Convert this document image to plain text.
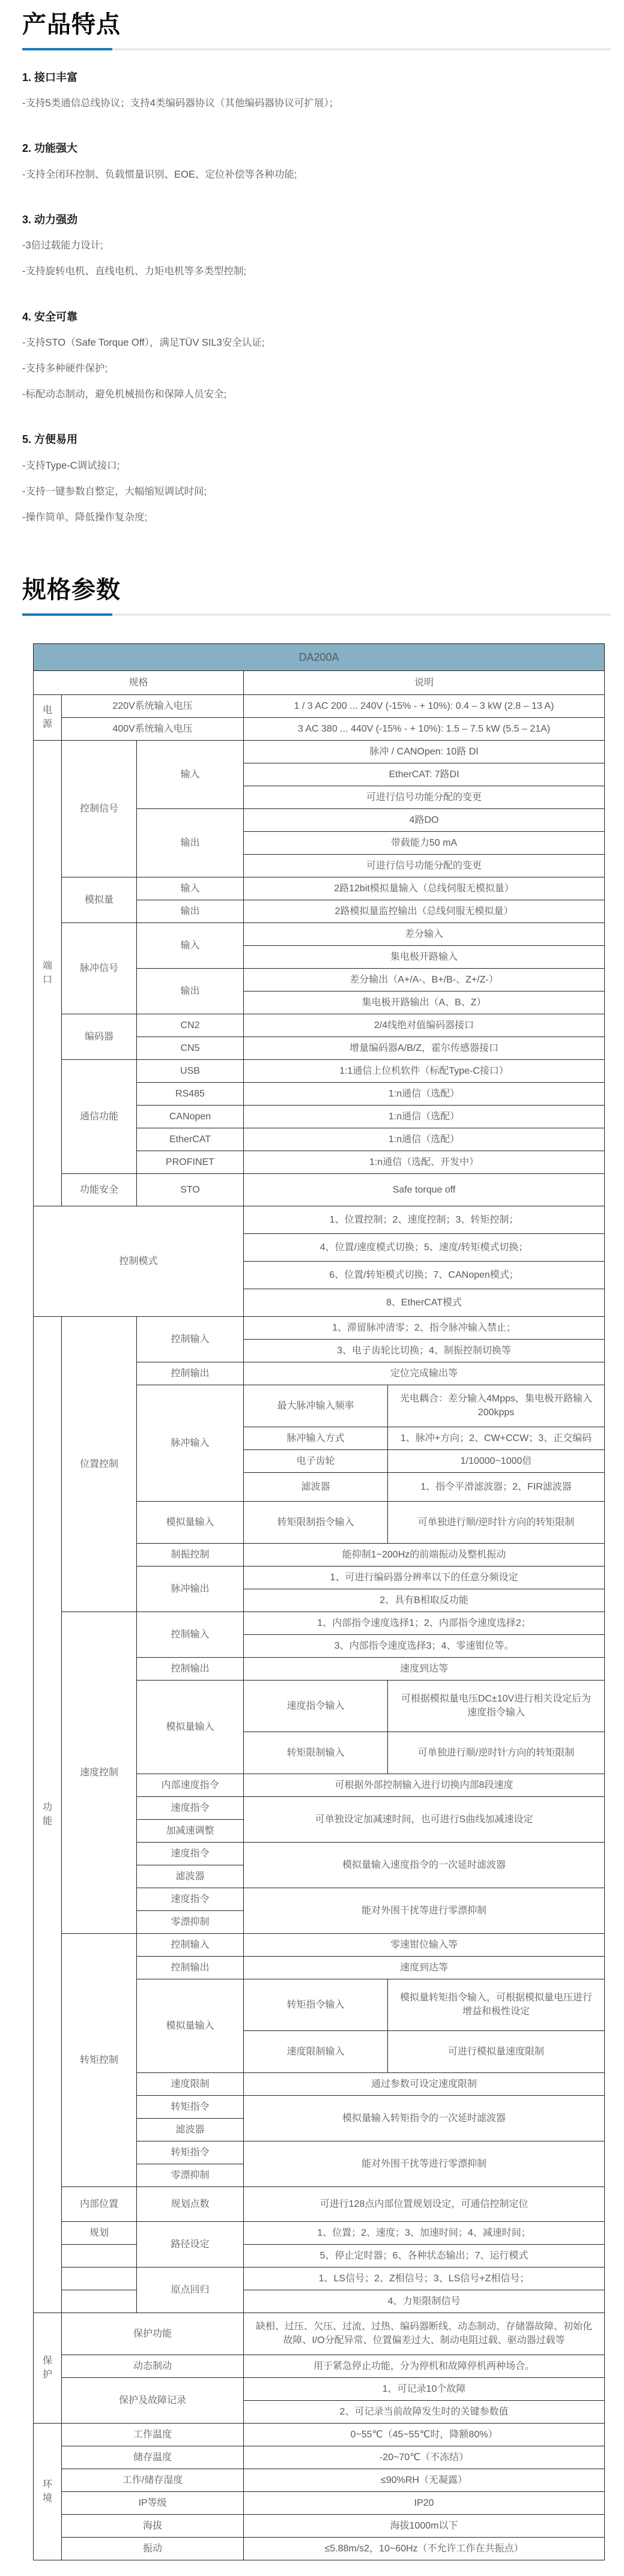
产品特点
1. 接口丰富
-支持5类通信总线协议；支持4类编码器协议（其他编码器协议可扩展）；
2. 功能强大
-支持全闭环控制、负载惯量识别、EOE、定位补偿等各种功能;
3. 动力强劲
-3倍过载能力设计;
-支持旋转电机、直线电机、力矩电机等多类型控制;
4. 安全可靠
-支持STO（Safe Torque Off），满足TÜV SIL3安全认证;
-支持多种硬件保护;
-标配动态制动，避免机械损伤和保障人员安全;
5. 方便易用
-支持Type-C调试接口;
-支持一键参数自整定，大幅缩短调试时间;
-操作简单，降低操作复杂度;
规格参数
DA200A				
规格			说明	
电源	220V系统输入电压		1 / 3 AC 200 ... 240V (-15% - + 10%): 0.4 – 3 kW (2.8 – 13 A)	
	400V系统输入电压		3 AC 380 ... 440V (-15% - + 10%): 1.5 – 7.5 kW (5.5 – 21A)	
端口	控制信号	输入	脉冲 / CANOpen: 10路 DI	
			EtherCAT: 7路DI	
			可进行信号功能分配的变更	
		输出	4路DO	
			带载能力50 mA	
			可进行信号功能分配的变更	
	模拟量	输入	2路12bit模拟量输入（总线伺服无模拟量）	
		输出	2路模拟量监控输出（总线伺服无模拟量）	
	脉冲信号	输入	差分输入	
			集电极开路输入	
		输出	差分输出（A+/A-、B+/B-、Z+/Z-）	
			集电极开路输出（A、B、Z）	
	编码器	CN2	2/4线绝对值编码器接口	
		CN5	增量编码器A/B/Z，霍尔传感器接口	
	通信功能	USB	1:1通信上位机软件（标配Type-C接口）	
		RS485	1:n通信（选配）	
		CANopen	1:n通信（选配）	
		EtherCAT	1:n通信（选配）	
		PROFINET	1:n通信（选配、开发中）	
	功能安全	STO	Safe torque off	
控制模式			1、位置控制；2、速度控制；3、转矩控制；	
			4、位置/速度模式切换；5、速度/转矩模式切换；	
			6、位置/转矩模式切换；7、CANopen模式；	
			8、EtherCAT模式	
功能	位置控制	控制输入	1、滞留脉冲清零；2、指令脉冲输入禁止；	
			3、电子齿轮比切换；4、制振控制切换等	
		控制输出	定位完成输出等	
		脉冲输入	最大脉冲输入频率	光电耦合：差分输入4Mpps，集电极开路输入200kpps
			脉冲输入方式	1、脉冲+方向；2、CW+CCW；3、正交编码
			电子齿轮	1/10000~1000倍
			滤波器	1、指令平滑滤波器；2、FIR滤波器
		模拟量输入	转矩限制指令输入	可单独进行顺/逆时针方向的转矩限制
		制振控制	能抑制1~200Hz的前端振动及整机振动	
		脉冲输出	1、可进行编码器分辨率以下的任意分频设定	
			2、具有B相取反功能	
	速度控制	控制输入	1、内部指令速度选择1；2、内部指令速度选择2；	
			3、内部指令速度选择3；4、零速钳位等。	
		控制输出	速度到达等	
		模拟量输入	速度指令输入	可根据模拟量电压DC±10V进行相关设定后为速度指令输入
			转矩限制输入	可单独进行顺/逆时针方向的转矩限制
		内部速度指令	可根据外部控制输入进行切换内部8段速度	
		速度指令	可单独设定加减速时间，也可进行S曲线加减速设定	
		加减速调整		
		速度指令	模拟量输入速度指令的一次延时滤波器	
		滤波器		
		速度指令	能对外围干扰等进行零漂抑制	
		零漂抑制		
	转矩控制	控制输入	零速钳位输入等	
		控制输出	速度到达等	
		模拟量输入	转矩指令输入	模拟量转矩指令输入，可根据模拟量电压进行增益和极性设定
			速度限制输入	可进行模拟量速度限制
		速度限制	通过参数可设定速度限制	
		转矩指令	模拟量输入转矩指令的一次延时滤波器	
		滤波器		
		转矩指令	能对外围干扰等进行零漂抑制	
		零漂抑制		
	内部位置	规划点数	可进行128点内部位置规划设定，可通信控制定位	
	规划	路径设定	1、位置；2、速度；3、加速时间；4、减速时间；	
			5、停止定时器；6、各种状态输出；7、运行模式	
		原点回归	1、LS信号；2、Z相信号；3、LS信号+Z相信号；	
			4、力矩限制信号	
保护	保护功能		缺相、过压、欠压、过流、过热、编码器断线、动态制动、存储器故障、初始化故障、I/O分配异常、位置偏差过大、制动电阻过载、驱动器过载等	
	动态制动		用于紧急停止功能，分为停机和故障停机两种场合。	
	保护及故障记录		1、可记录10个故障	
			2、可记录当前故障发生时的关键参数值	
环境	工作温度		0~55℃（45~55℃时，降额80%）	
	储存温度		-20~70℃（不冻结）	
	工作/储存湿度		≤90%RH（无凝露）	
	IP等级		IP20	
	海拔		海拔1000m以下	
	振动		≤5.88m/s2，10~60Hz（不允许工作在共振点）	
